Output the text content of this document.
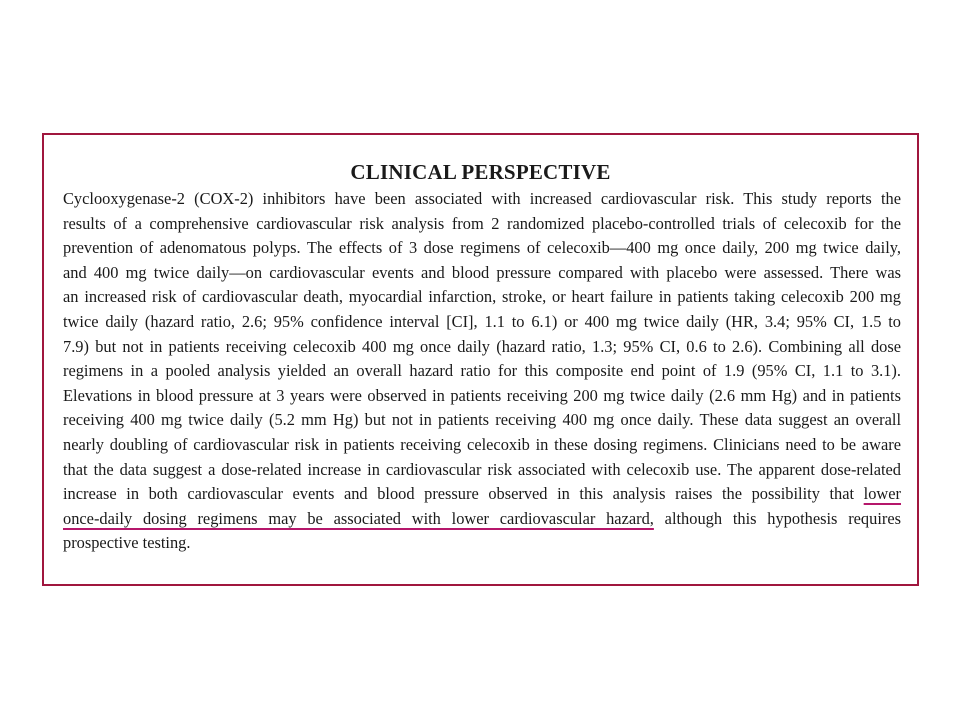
CLINICAL PERSPECTIVE
Cyclooxygenase-2 (COX-2) inhibitors have been associated with increased cardiovascular risk. This study reports the
results of a comprehensive cardiovascular risk analysis from 2 randomized placebo-controlled trials of celecoxib for the
prevention of adenomatous polyps. The effects of 3 dose regimens of celecoxib—400 mg once daily, 200 mg twice daily,
and 400 mg twice daily—on cardiovascular events and blood pressure compared with placebo were assessed. There was
an increased risk of cardiovascular death, myocardial infarction, stroke, or heart failure in patients taking celecoxib 200 mg
twice daily (hazard ratio, 2.6; 95% confidence interval [CI], 1.1 to 6.1) or 400 mg twice daily (HR, 3.4; 95% CI, 1.5 to
7.9) but not in patients receiving celecoxib 400 mg once daily (hazard ratio, 1.3; 95% CI, 0.6 to 2.6). Combining all dose
regimens in a pooled analysis yielded an overall hazard ratio for this composite end point of 1.9 (95% CI, 1.1 to 3.1).
Elevations in blood pressure at 3 years were observed in patients receiving 200 mg twice daily (2.6 mm Hg) and in patients
receiving 400 mg twice daily (5.2 mm Hg) but not in patients receiving 400 mg once daily. These data suggest an overall
nearly doubling of cardiovascular risk in patients receiving celecoxib in these dosing regimens. Clinicians need to be aware
that the data suggest a dose-related increase in cardiovascular risk associated with celecoxib use. The apparent dose-related
increase in both cardiovascular events and blood pressure observed in this analysis raises the possibility that lower
once-daily dosing regimens may be associated with lower cardiovascular hazard, although this hypothesis requires
prospective testing.
